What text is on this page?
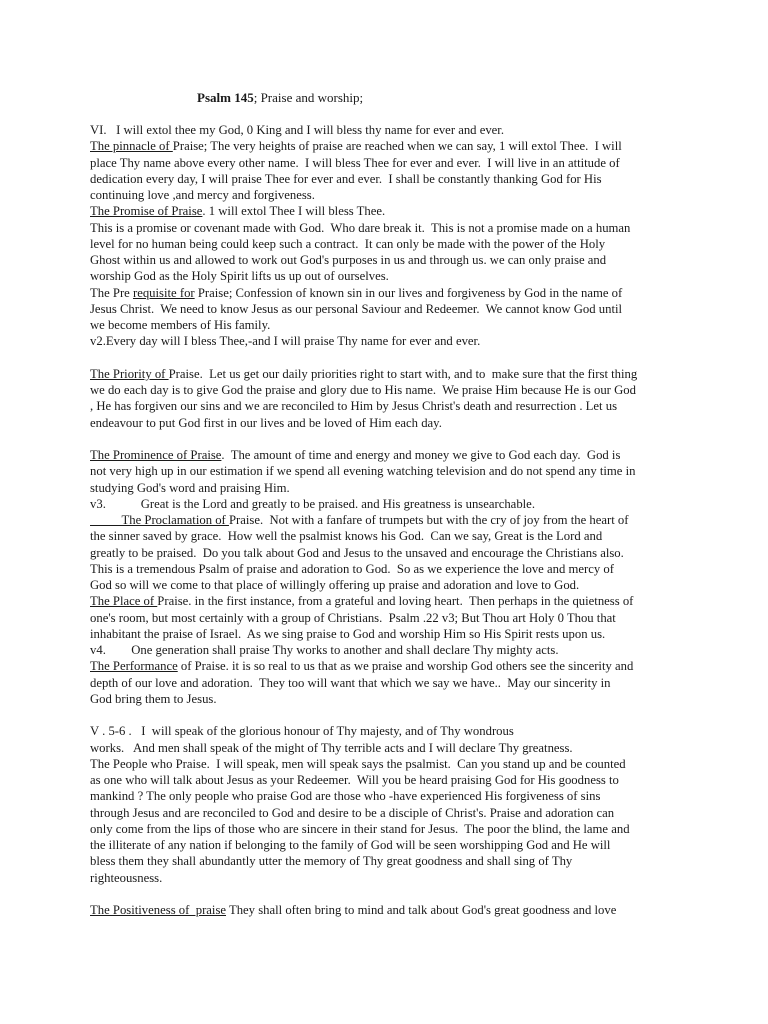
Psalm 145; Praise and worship;
VI.   I will extol thee my God, 0 King and I will bless thy name for ever and ever.
The pinnacle of Praise; The very heights of praise are reached when we can say, 1 will extol Thee.  I will
place Thy name above every other name.  I will bless Thee for ever and ever.  I will live in an attitude of
dedication every day, I will praise Thee for ever and ever.  I shall be constantly thanking God for His
continuing love ,and mercy and forgiveness.
The Promise of Praise. 1 will extol Thee I will bless Thee.
This is a promise or covenant made with God.  Who dare break it.  This is not a promise made on a human
level for no human being could keep such a contract.  It can only be made with the power of the Holy
Ghost within us and allowed to work out God's purposes in us and through us. we can only praise and
worship God as the Holy Spirit lifts us up out of ourselves.
The Pre requisite for Praise; Confession of known sin in our lives and forgiveness by God in the name of
Jesus Christ.  We need to know Jesus as our personal Saviour and Redeemer.  We cannot know God until
we become members of His family.
v2.Every day will I bless Thee,-and I will praise Thy name for ever and ever.
The Priority of Praise.  Let us get our daily priorities right to start with, and to  make sure that the first thing
we do each day is to give God the praise and glory due to His name.  We praise Him because He is our God
, He has forgiven our sins and we are reconciled to Him by Jesus Christ's death and resurrection . Let us
endeavour to put God first in our lives and be loved of Him each day.
The Prominence of Praise.  The amount of time and energy and money we give to God each day.  God is
not very high up in our estimation if we spend all evening watching television and do not spend any time in
studying God's word and praising Him.
v3.           Great is the Lord and greatly to be praised. and His greatness is unsearchable.
The Proclamation of Praise.  Not with a fanfare of trumpets but with the cry of joy from the heart of
the sinner saved by grace.  How well the psalmist knows his God.  Can we say, Great is the Lord and
greatly to be praised.  Do you talk about God and Jesus to the unsaved and encourage the Christians also.
This is a tremendous Psalm of praise and adoration to God.  So as we experience the love and mercy of
God so will we come to that place of willingly offering up praise and adoration and love to God.
The Place of Praise. in the first instance, from a grateful and loving heart.  Then perhaps in the quietness of
one's room, but most certainly with a group of Christians.  Psalm .22 v3; But Thou art Holy 0 Thou that
inhabitant the praise of Israel.  As we sing praise to God and worship Him so His Spirit rests upon us.
v4.        One generation shall praise Thy works to another and shall declare Thy mighty acts.
The Performance of Praise. it is so real to us that as we praise and worship God others see the sincerity and
depth of our love and adoration.  They too will want that which we say we have..  May our sincerity in
God bring them to Jesus.
V . 5-6 .   I  will speak of the glorious honour of Thy majesty, and of Thy wondrous
works.   And men shall speak of the might of Thy terrible acts and I will declare Thy greatness.
The People who Praise.  I will speak, men will speak says the psalmist.  Can you stand up and be counted
as one who will talk about Jesus as your Redeemer.  Will you be heard praising God for His goodness to
mankind ? The only people who praise God are those who -have experienced His forgiveness of sins
through Jesus and are reconciled to God and desire to be a disciple of Christ's. Praise and adoration can
only come from the lips of those who are sincere in their stand for Jesus.  The poor the blind, the lame and
the illiterate of any nation if belonging to the family of God will be seen worshipping God and He will
bless them they shall abundantly utter the memory of Thy great goodness and shall sing of Thy
righteousness.
The Positiveness of  praise They shall often bring to mind and talk about God's great goodness and love
